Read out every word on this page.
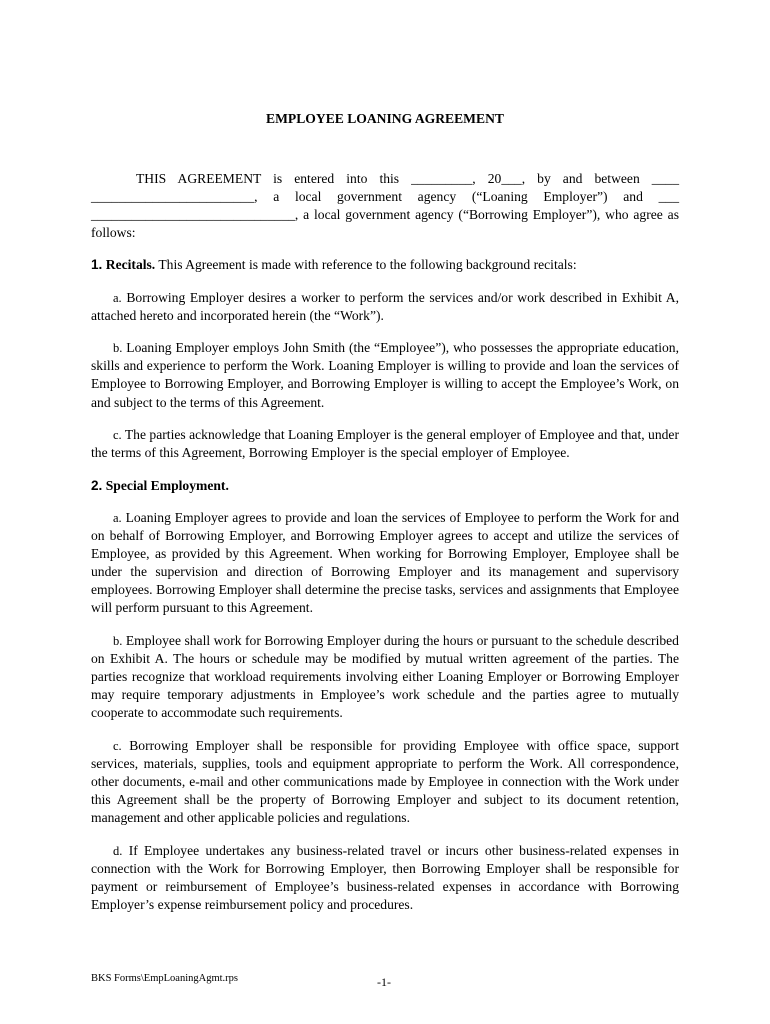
EMPLOYEE LOANING AGREEMENT
THIS AGREEMENT is entered into this _________, 20___, by and between ____ ________________________, a local government agency (“Loaning Employer”) and ___ ______________________________, a local government agency (“Borrowing Employer”), who agree as follows:
1. Recitals. This Agreement is made with reference to the following background recitals:

a. Borrowing Employer desires a worker to perform the services and/or work described in Exhibit A, attached hereto and incorporated herein (the “Work”).

b. Loaning Employer employs John Smith (the “Employee”), who possesses the appropriate education, skills and experience to perform the Work. Loaning Employer is willing to provide and loan the services of Employee to Borrowing Employer, and Borrowing Employer is willing to accept the Employee’s Work, on and subject to the terms of this Agreement.

c. The parties acknowledge that Loaning Employer is the general employer of Employee and that, under the terms of this Agreement, Borrowing Employer is the special employer of Employee.

2. Special Employment.

a. Loaning Employer agrees to provide and loan the services of Employee to perform the Work for and on behalf of Borrowing Employer, and Borrowing Employer agrees to accept and utilize the services of Employee, as provided by this Agreement. When working for Borrowing Employer, Employee shall be under the supervision and direction of Borrowing Employer and its management and supervisory employees. Borrowing Employer shall determine the precise tasks, services and assignments that Employee will perform pursuant to this Agreement.

b. Employee shall work for Borrowing Employer during the hours or pursuant to the schedule described on Exhibit A. The hours or schedule may be modified by mutual written agreement of the parties. The parties recognize that workload requirements involving either Loaning Employer or Borrowing Employer may require temporary adjustments in Employee’s work schedule and the parties agree to mutually cooperate to accommodate such requirements.

c. Borrowing Employer shall be responsible for providing Employee with office space, support services, materials, supplies, tools and equipment appropriate to perform the Work. All correspondence, other documents, e-mail and other communications made by Employee in connection with the Work under this Agreement shall be the property of Borrowing Employer and subject to its document retention, management and other applicable policies and regulations.

d. If Employee undertakes any business-related travel or incurs other business-related expenses in connection with the Work for Borrowing Employer, then Borrowing Employer shall be responsible for payment or reimbursement of Employee’s business-related expenses in accordance with Borrowing Employer’s expense reimbursement policy and procedures.

BKS Forms\EmpLoaningAgmt.rps	-1-
